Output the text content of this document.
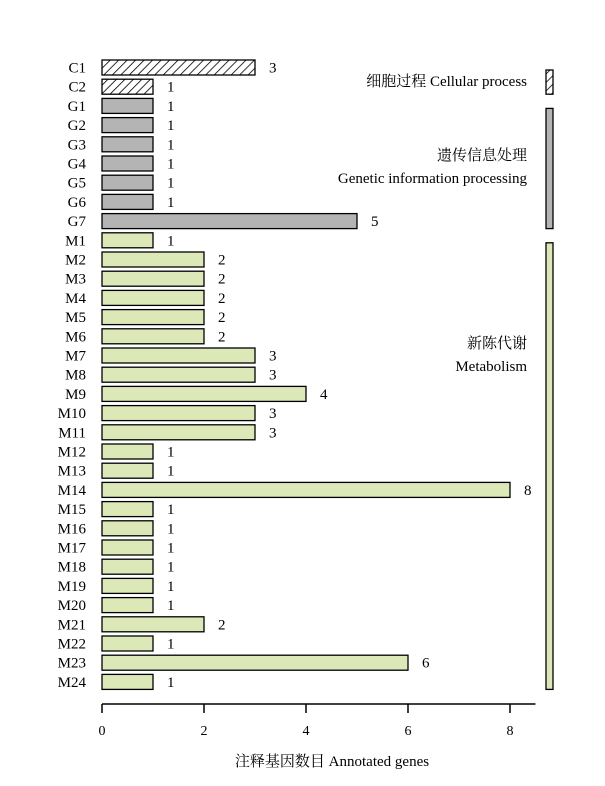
C1	3
C2	1
G1	1
G2	1
G3	1
G4	1
G5	1
G6	1
G7	5
M1	1
M2	2
M3	2
M4	2
M5	2
M6	2
M7	3
M8	3
M9	4
M10	3
M11	3
M12	1
M13	1
M14	8
M15	1
M16	1
M17	1
M18	1
M19	1
M20	1
M21	2
M22	1
M23	6
M24	1
0	2	4	6	8
细胞过程 Cellular process
遗传信息处理
Genetic information processing
新陈代谢
Metabolism
注释基因数目 Annotated genes
